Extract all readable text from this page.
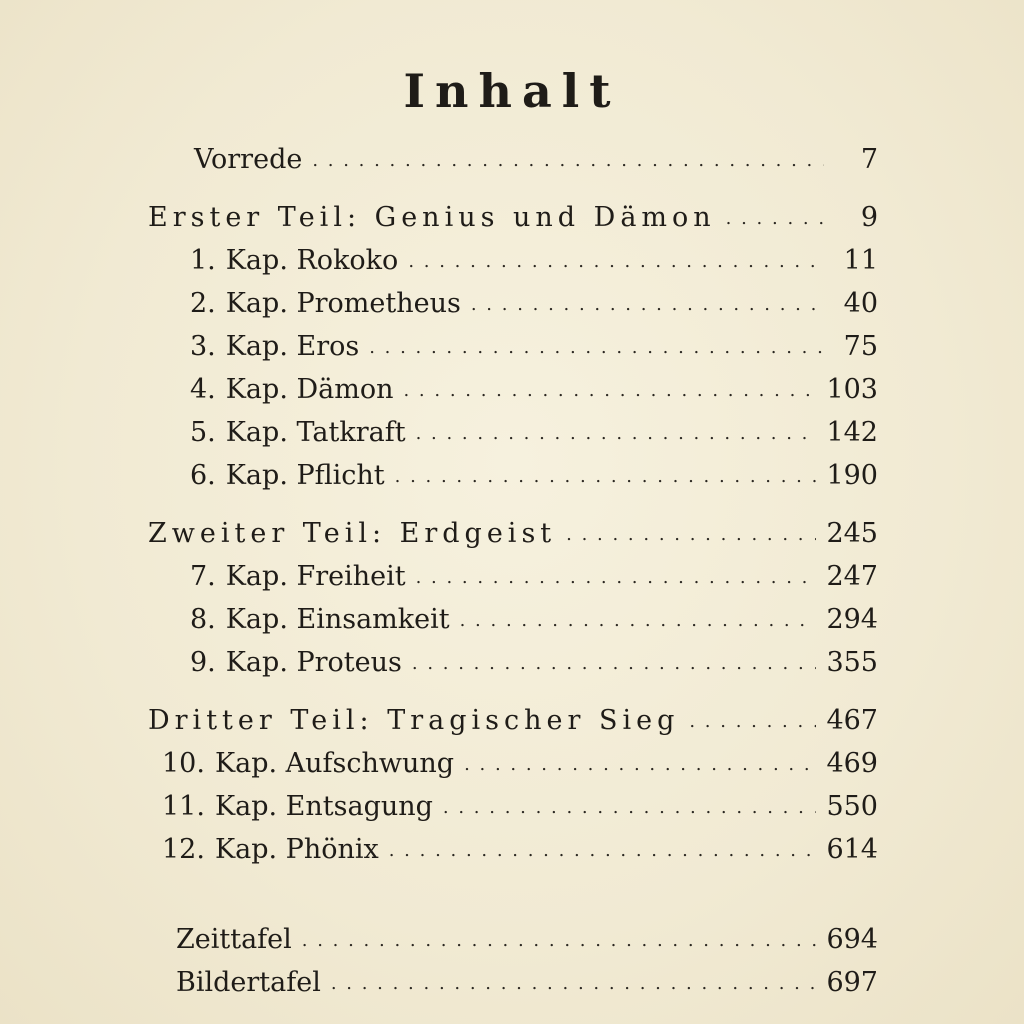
Inhalt
Vorrede . . .	7
Erster Teil: Genius und Dämon . . .	9
1. Kap. Rokoko . . .	11
2. Kap. Prometheus . . .	40
3. Kap. Eros . . .	75
4. Kap. Dämon . . .	103
5. Kap. Tatkraft . . .	142
6. Kap. Pflicht . . .	190
Zweiter Teil: Erdgeist . . .	245
7. Kap. Freiheit . . .	247
8. Kap. Einsamkeit . . .	294
9. Kap. Proteus . . .	355
Dritter Teil: Tragischer Sieg . . .	467
10. Kap. Aufschwung . . .	469
11. Kap. Entsagung . . .	550
12. Kap. Phönix . . .	614
Zeittafel . . .	694
Bildertafel . . .	697
